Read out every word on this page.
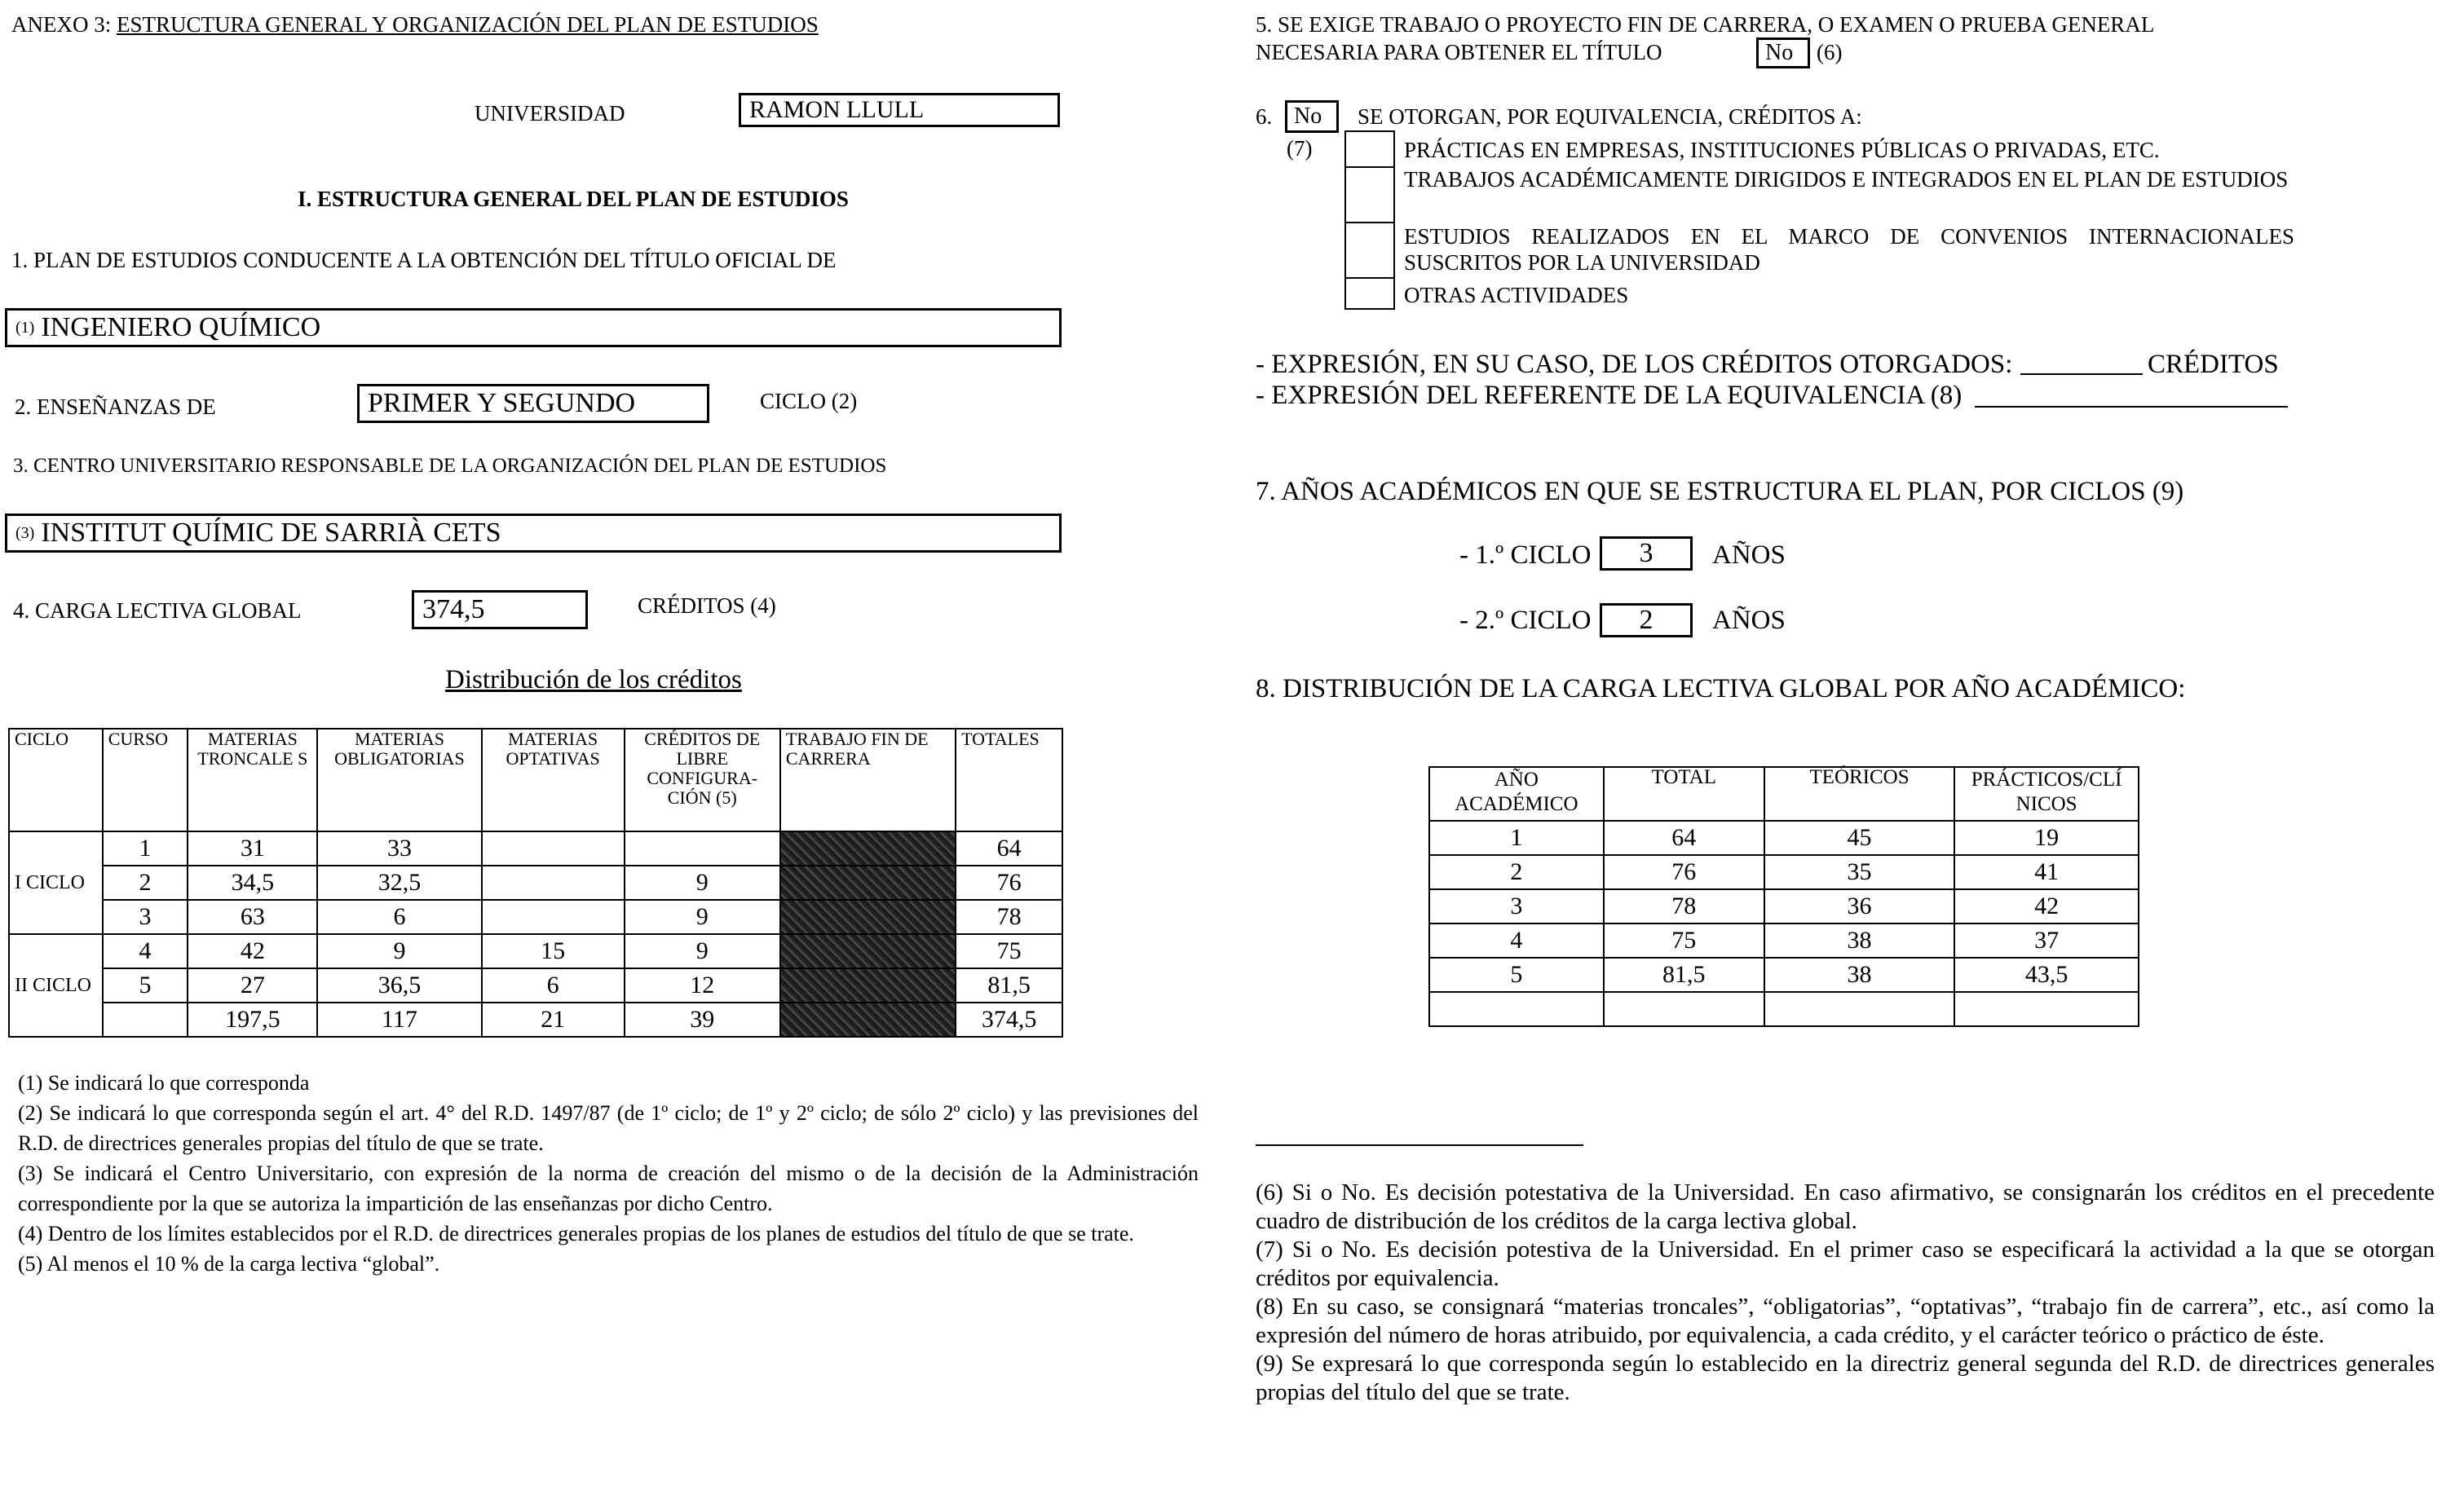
ANEXO 3: ESTRUCTURA GENERAL Y ORGANIZACIÓN DEL PLAN DE ESTUDIOS
UNIVERSIDAD	RAMON LLULL
I. ESTRUCTURA GENERAL DEL PLAN DE ESTUDIOS
1. PLAN DE ESTUDIOS CONDUCENTE A LA OBTENCIÓN DEL TÍTULO OFICIAL DE
(1) INGENIERO QUÍMICO
2. ENSEÑANZAS DE	PRIMER Y SEGUNDO	CICLO (2)
3. CENTRO UNIVERSITARIO RESPONSABLE DE LA ORGANIZACIÓN DEL PLAN DE ESTUDIOS
(3) INSTITUT QUÍMIC DE SARRIÀ CETS
4. CARGA LECTIVA GLOBAL	374,5	CRÉDITOS (4)
Distribución de los créditos
CICLO	CURSO	MATERIAS TRONCALE S	MATERIAS OBLIGATORIAS	MATERIAS OPTATIVAS	CRÉDITOS DE LIBRE CONFIGURA- CIÓN (5)	TRABAJO FIN DE CARRERA	TOTALES
I CICLO	1	31	33				64
	2	34,5	32,5		9		76
	3	63	6		9		78
II CICLO	4	42	9	15	9		75
	5	27	36,5	6	12		81,5
		197,5	117	21	39		374,5

(1) Se indicará lo que corresponda

(2) Se indicará lo que corresponda según el art. 4° del R.D. 1497/87 (de 1º ciclo; de 1º y 2º ciclo; de sólo 2º ciclo) y las previsiones del R.D. de directrices generales propias del título de que se trate.

(3) Se indicará el Centro Universitario, con expresión de la norma de creación del mismo o de la decisión de la Administración correspondiente por la que se autoriza la impartición de las enseñanzas por dicho Centro.

(4) Dentro de los límites establecidos por el R.D. de directrices generales propias de los planes de estudios del título de que se trate.

(5) Al menos el 10 % de la carga lectiva “global”.

5. SE EXIGE TRABAJO O PROYECTO FIN DE CARRERA, O EXAMEN O PRUEBA GENERAL
NECESARIA PARA OBTENER EL TÍTULO	No (6)
6. No SE OTORGAN, POR EQUIVALENCIA, CRÉDITOS A:
(7)	PRÁCTICAS EN EMPRESAS, INSTITUCIONES PÚBLICAS O PRIVADAS, ETC.
TRABAJOS ACADÉMICAMENTE DIRIGIDOS E INTEGRADOS EN EL PLAN DE ESTUDIOS
ESTUDIOS REALIZADOS EN EL MARCO DE CONVENIOS INTERNACIONALES SUSCRITOS POR LA UNIVERSIDAD
OTRAS ACTIVIDADES
- EXPRESIÓN, EN SU CASO, DE LOS CRÉDITOS OTORGADOS:	CRÉDITOS
- EXPRESIÓN DEL REFERENTE DE LA EQUIVALENCIA (8)
7. AÑOS ACADÉMICOS EN QUE SE ESTRUCTURA EL PLAN, POR CICLOS (9)
- 1.º CICLO 3 AÑOS
- 2.º CICLO 2 AÑOS
8. DISTRIBUCIÓN DE LA CARGA LECTIVA GLOBAL POR AÑO ACADÉMICO:
AÑO ACADÉMICO	TOTAL	TEÓRICOS	PRÁCTICOS/CLÍ NICOS
1	64	45	19
2	76	35	41
3	78	36	42
4	75	38	37
5	81,5	38	43,5

(6) Si o No. Es decisión potestativa de la Universidad. En caso afirmativo, se consignarán los créditos en el precedente cuadro de distribución de los créditos de la carga lectiva global.

(7) Si o No. Es decisión potestiva de la Universidad. En el primer caso se especificará la actividad a la que se otorgan créditos por equivalencia.

(8) En su caso, se consignará “materias troncales”, “obligatorias”, “optativas”, “trabajo fin de carrera”, etc., así como la expresión del número de horas atribuido, por equivalencia, a cada crédito, y el carácter teórico o práctico de éste.

(9) Se expresará lo que corresponda según lo establecido en la directriz general segunda del R.D. de directrices generales propias del título del que se trate.
